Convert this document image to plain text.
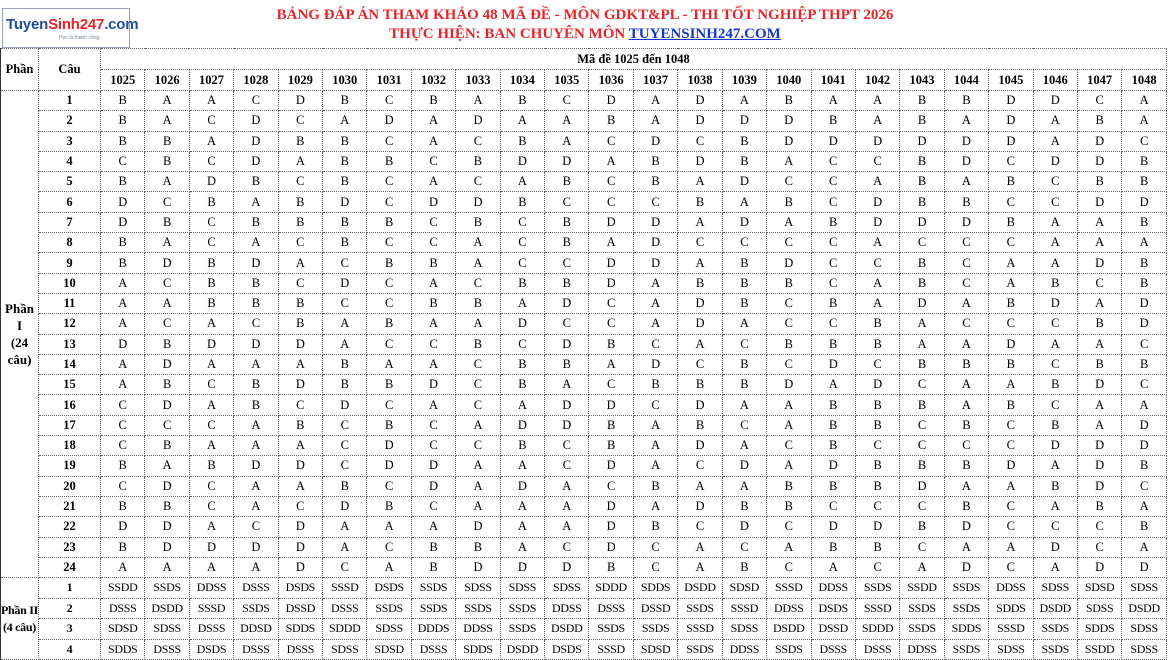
TuyenSinh247.com
Học là thành công
BẢNG ĐÁP ÁN THAM KHẢO 48 MÃ ĐỀ - MÔN GDKT&PL - THI TỐT NGHIỆP THPT 2026
THỰC HIỆN: BAN CHUYÊN MÔN TUYENSINH247.COM
Phần	Câu	Mã đề 1025 đến 1048																							
		1025	1026	1027	1028	1029	1030	1031	1032	1033	1034	1035	1036	1037	1038	1039	1040	1041	1042	1043	1044	1045	1046	1047	1048

Phần I
(24 câu)	1	B	A	A	C	D	B	C	B	A	B	C	D	A	D	A	B	A	A	B	B	D	D	C	A
	2	B	A	C	D	C	A	D	A	D	A	A	B	A	D	D	D	B	A	B	A	D	A	B	A
	3	B	B	A	D	B	B	C	A	C	B	A	C	D	C	B	D	D	D	D	D	D	A	D	C
	4	C	B	C	D	A	B	B	C	B	D	D	A	B	D	B	A	C	C	B	D	C	D	D	B
	5	B	A	D	B	C	B	C	A	C	A	B	C	B	A	D	C	C	A	B	A	B	C	B	B
	6	D	C	B	A	B	D	C	D	D	B	C	C	C	B	A	B	C	D	B	B	C	C	D	D
	7	D	B	C	B	B	B	B	C	B	C	B	D	D	A	D	A	B	D	D	D	B	A	A	B
	8	B	A	C	A	C	B	C	C	A	C	B	A	D	C	C	C	C	A	C	C	C	A	A	A
	9	B	D	B	D	A	C	B	B	A	C	C	D	D	A	B	D	C	C	B	C	A	A	D	B
	10	A	C	B	B	C	D	C	A	C	B	B	D	A	B	B	B	C	A	B	C	A	B	C	B
	11	A	A	B	B	B	C	C	B	B	A	D	C	A	D	B	C	B	A	D	A	B	D	A	D
	12	A	C	A	C	B	A	B	A	A	D	C	C	A	D	A	C	C	B	A	C	C	C	B	D
	13	D	B	D	D	D	A	C	C	B	C	D	B	C	A	C	B	B	B	A	A	D	A	A	C
	14	A	D	A	A	A	B	A	A	C	B	B	A	D	C	B	C	D	C	B	B	B	C	B	B
	15	A	B	C	B	D	B	B	D	C	B	A	C	B	B	B	D	A	D	C	A	A	B	D	C
	16	C	D	A	B	C	D	C	A	C	A	D	D	C	D	A	A	B	B	B	A	B	C	A	A
	17	C	C	C	A	B	C	B	C	A	D	D	B	A	B	C	A	B	B	C	B	C	B	A	D
	18	C	B	A	A	A	C	D	C	C	B	C	B	A	D	A	C	B	C	C	C	C	D	D	D
	19	B	A	B	D	D	C	D	D	A	A	C	D	A	C	D	A	D	B	B	B	D	A	D	B
	20	C	D	C	A	A	B	C	D	A	D	A	C	B	A	A	B	B	B	D	A	A	B	D	C
	21	B	B	C	A	C	D	B	C	A	A	A	D	A	D	B	B	C	C	C	B	C	A	B	A
	22	D	D	A	C	D	A	A	A	D	A	A	D	B	C	D	C	D	D	B	D	C	C	C	B
	23	B	D	D	D	D	A	C	B	B	A	C	D	C	A	C	A	B	B	C	A	A	D	C	A
	24	A	A	A	A	D	C	A	B	D	D	D	B	C	A	B	C	A	C	A	D	C	A	D	D

Phần II
(4 câu)	1	SSDD	SSDS	DDSS	DSSS	DSDS	SSSD	DSDS	SSDS	SDSS	SDSS	SDSS	SDDD	SDDS	DSDD	SDSD	SSSD	DDSS	SSDS	SSDD	SSDS	DDSS	SDSS	SDSD	SDSS
	2	DSSS	DSDD	SSSD	SSDS	DSSD	DSSS	SSDS	SSDS	SSDS	SSDS	DDSS	DSSS	DSSD	SSDS	SSSD	DDSS	DSDS	SSSD	SSDS	SSDS	SDDS	DSDD	SDSS	DSDD
	3	SDSD	SDSS	DSSS	DDSD	SDDS	SDDD	SDSS	DDDS	DDSS	SSDS	DSDD	SSDS	SSDS	SSSD	SDSS	DSDD	DSSD	SDDD	SSDS	SDDS	SSSD	SSDS	SDDS	SDSS
	4	SDDS	DSSS	DSDS	DSSS	DSSS	SDSS	SDSD	DSSS	SDDS	DSDD	DSDS	SSSD	SDSD	SSDS	DDSS	SSDS	DSSS	DSSS	DDSS	SSDS	SDSS	SSDS	SSDD	SDSS
